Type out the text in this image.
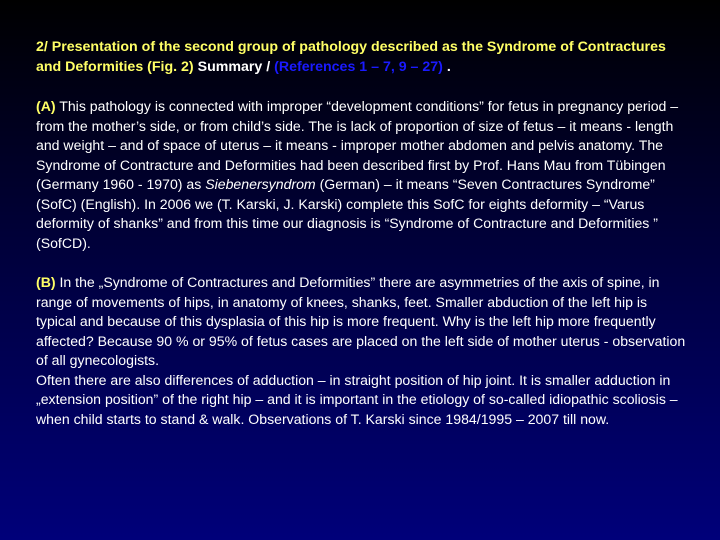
2/ Presentation of the second group of pathology described as the Syndrome of Contractures and Deformities (Fig. 2) Summary / (References 1 – 7, 9 – 27) .

(A) This pathology is connected with improper “development conditions” for fetus in pregnancy period – from the mother’s side, or from child’s side. The is lack of proportion of size of fetus – it means - length and weight – and of space of uterus – it means - improper mother abdomen and pelvis anatomy. The Syndrome of Contracture and Deformities had been described first by Prof. Hans Mau from Tübingen (Germany 1960 - 1970) as Siebenersyndrom (German) – it means “Seven Contractures Syndrome” (SofC) (English). In 2006 we (T. Karski, J. Karski) complete this SofC for eights deformity – “Varus deformity of shanks” and from this time our diagnosis is “Syndrome of Contracture and Deformities ” (SofCD).

(B) In the „Syndrome of Contractures and Deformities” there are asymmetries of the axis of spine, in range of movements of hips, in anatomy of knees, shanks, feet. Smaller abduction of the left hip is typical and because of this dysplasia of this hip is more frequent. Why is the left hip more frequently affected? Because 90 % or 95% of fetus cases are placed on the left side of mother uterus - observation of all gynecologists.

Often there are also differences of adduction – in straight position of hip joint. It is smaller adduction in „extension position” of the right hip – and it is important in the etiology of so-called idiopathic scoliosis – when child starts to stand & walk. Observations of T. Karski since 1984/1995 – 2007 till now.
